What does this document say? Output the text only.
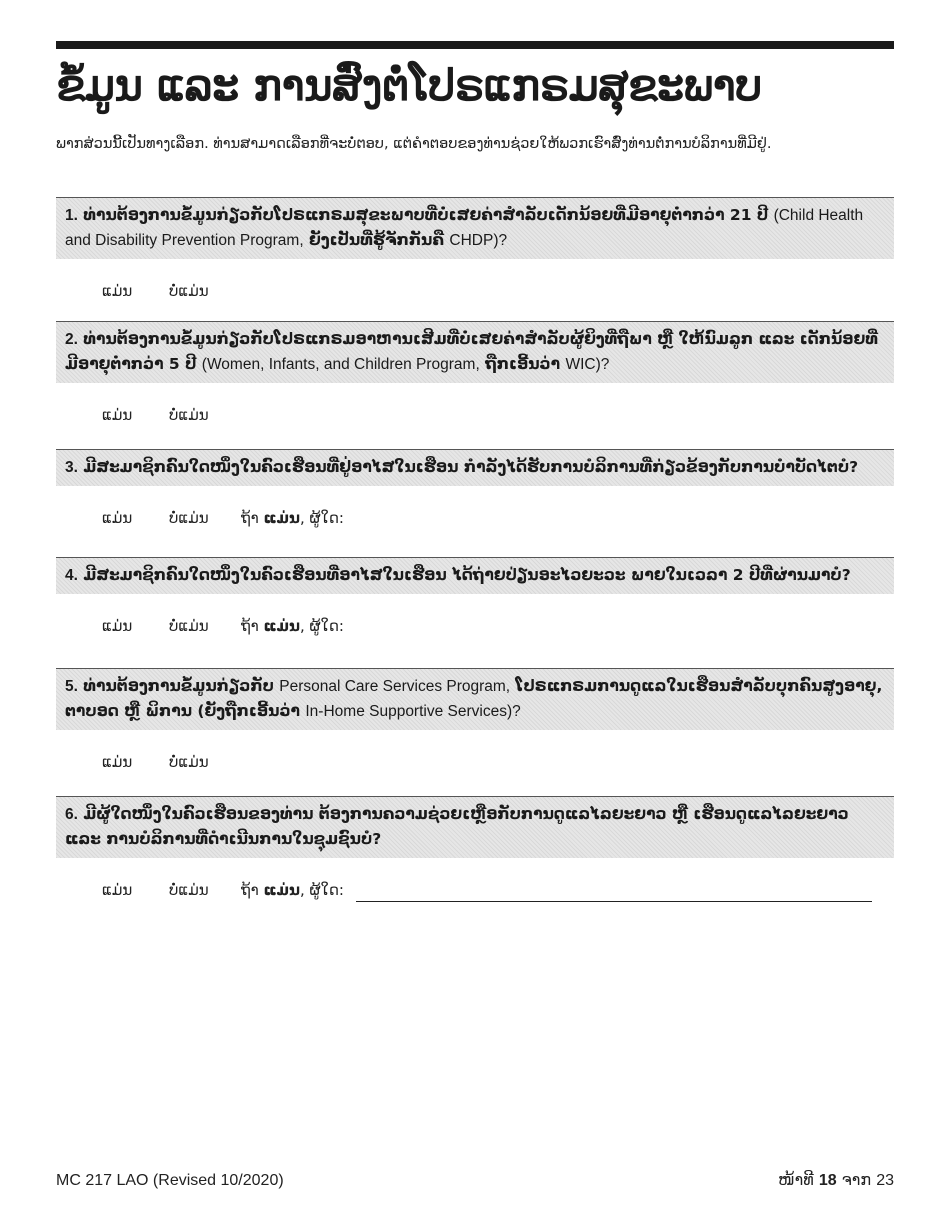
ຂໍ້ມູນ ແລະ ການສົ່ງຕໍ່ໂປຣແກຣມສຸຂະພາບ
ພາກສ່ວນນີ້ເປັນທາງເລືອກ. ທ່ານສາມາດເລືອກທີ່ຈະບໍ່ຕອບ, ແຕ່ຄໍາຕອບຂອງທ່ານຊ່ວຍໃຫ້ພວກເຮົາສົ່ງທ່ານຕໍ່ການບໍລິການທີ່ມີຢູ່.
1. ທ່ານຕ້ອງການຂໍ້ມູນກ່ຽວກັບໂປຣແກຣມສຸຂະພາບທີ່ບໍ່ເສຍຄ່າສໍາລັບເດັກນ້ອຍທີ່ມີອາຍຸຕໍ່າກວ່າ 21 ປີ (Child Health and Disability Prevention Program, ຍັງເປັນທີ່ຮູ້ຈັກກັນຄື CHDP)?
ແມ່ນ ບໍ່ແມ່ນ
2. ທ່ານຕ້ອງການຂໍ້ມູນກ່ຽວກັບໂປຣແກຣມອາຫານເສີມທີ່ບໍ່ເສຍຄ່າສໍາລັບຜູ້ຍິງທີ່ຖືພາ ຫຼື ໃຫ້ນົມລູກ ແລະ ເດັກນ້ອຍທີ່ມີອາຍຸຕໍ່າກວ່າ 5 ປີ (Women, Infants, and Children Program, ຖືກເອີ້ນວ່າ WIC)?
ແມ່ນ ບໍ່ແມ່ນ
3. ມີສະມາຊິກຄົນໃດໜຶ່ງໃນຄົວເຮືອນທີ່ຢູ່ອາໄສໃນເຮືອນ ກໍາລັງໄດ້ຮັບການບໍລິການທີ່ກ່ຽວຂ້ອງກັບການບໍາບັດໄຕບໍ?
ແມ່ນ ບໍ່ແມ່ນ ຖ້າ ແມ່ນ, ຜູ້ໃດ:
4. ມີສະມາຊິກຄົນໃດໜຶ່ງໃນຄົວເຮືອນທີ່ອາໄສໃນເຮືອນ ໄດ້ຖ່າຍປ່ຽນອະໄວຍະວະ ພາຍໃນເວລາ 2 ປີທີ່ຜ່ານມາບໍ?
ແມ່ນ ບໍ່ແມ່ນ ຖ້າ ແມ່ນ, ຜູ້ໃດ:
5. ທ່ານຕ້ອງການຂໍ້ມູນກ່ຽວກັບ Personal Care Services Program, ໂປຣແກຣມການດູແລໃນເຮືອນສໍາລັບບຸກຄົນສູງອາຍຸ, ຕາບອດ ຫຼື ພິການ (ຍັງຖືກເອີ້ນວ່າ In-Home Supportive Services)?
ແມ່ນ ບໍ່ແມ່ນ
6. ມີຜູ້ໃດໜຶ່ງໃນຄົວເຮືອນຂອງທ່ານ ຕ້ອງການຄວາມຊ່ວຍເຫຼືອກັບການດູແລໄລຍະຍາວ ຫຼື ເຮືອນດູແລໄລຍະຍາວ ແລະ ການບໍລິການທີ່ດໍາເນີນການໃນຊຸມຊົນບໍ?
ແມ່ນ ບໍ່ແມ່ນ ຖ້າ ແມ່ນ, ຜູ້ໃດ:
MC 217 LAO (Revised 10/2020)	ໜ້າທີ 18 ຈາກ 23
